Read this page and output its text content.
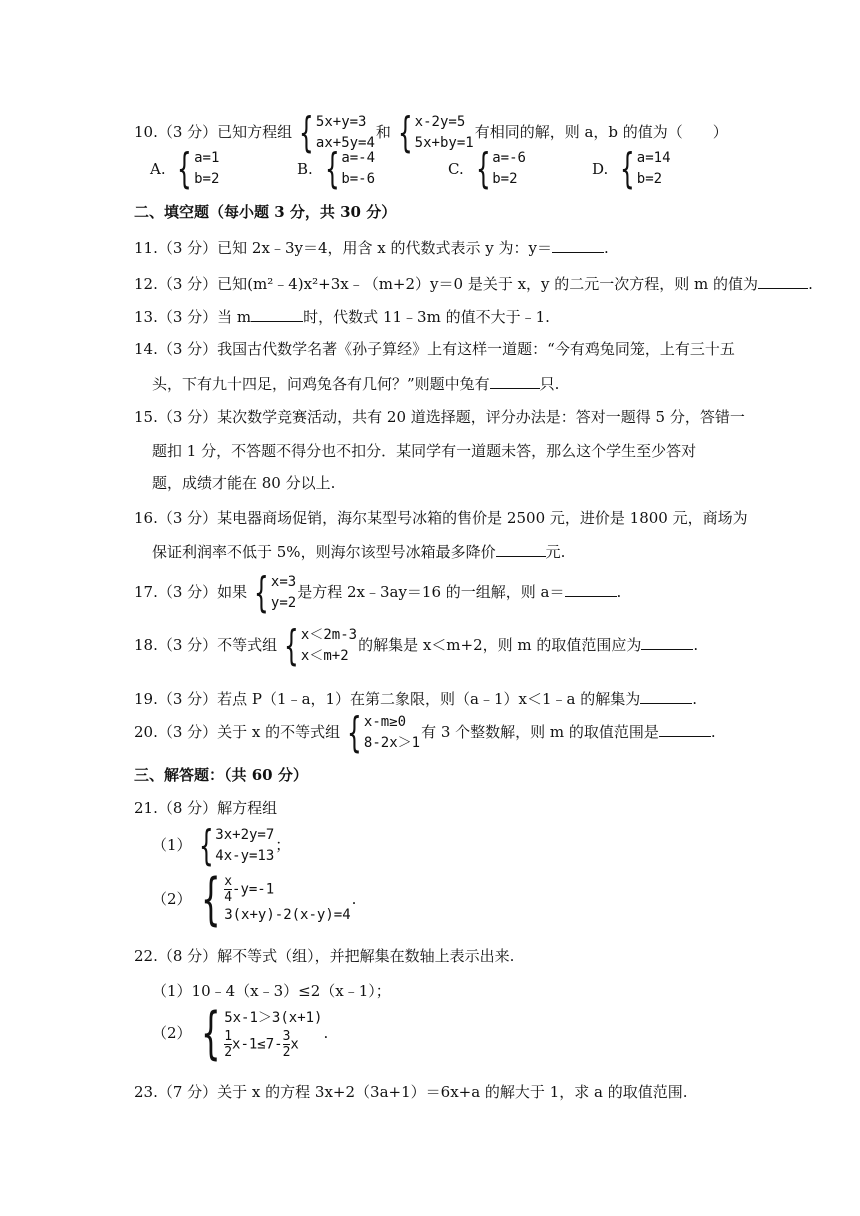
10.（3 分）已知方程组 { 5x+y=3
ax+5y=4
和 { x-2y=5
5x+by=1
有相同的解，则 a，b 的值为（　　）
A.
{ a=1
b=2
B.
{ a=-4
b=-6
C.
{ a=-6
b=2
D.
{ a=14
b=2
二、填空题（每小题 3 分，共 30 分）
11.（3 分）已知 2x﹣3y＝4，用含 x 的代数式表示 y 为：y＝	.
12.（3 分）已知(m²﹣4)x²+3x﹣（m+2）y＝0 是关于 x，y 的二元一次方程，则 m 的值为	.
13.（3 分）当 m	时，代数式 11﹣3m 的值不大于﹣1.
14.（3 分）我国古代数学名著《孙子算经》上有这样一道题：“今有鸡兔同笼，上有三十五
头，下有九十四足，问鸡兔各有几何？”则题中兔有	只.
15.（3 分）某次数学竞赛活动，共有 20 道选择题，评分办法是：答对一题得 5 分，答错一
题扣 1 分，不答题不得分也不扣分．某同学有一道题未答，那么这个学生至少答对
题，成绩才能在 80 分以上.
16.（3 分）某电器商场促销，海尔某型号冰箱的售价是 2500 元，进价是 1800 元，商场为
保证利润率不低于 5%，则海尔该型号冰箱最多降价	元.
17.（3 分）如果 { x=3
y=2
是方程 2x﹣3ay＝16 的一组解，则 a＝	.
18.（3 分）不等式组 { x＜2m-3
x＜m+2
的解集是 x＜m+2，则 m 的取值范围应为	.
19.（3 分）若点 P（1﹣a，1）在第二象限，则（a﹣1）x＜1﹣a 的解集为	.
20.（3 分）关于 x 的不等式组 { x-m≥0
8-2x＞1
有 3 个整数解，则 m 的取值范围是	.
三、解答题：（共 60 分）
21.（8 分）解方程组
（1） { 3x+2y=7
4x-y=13
；
（2） { $\frac{x}{4} -y=-1$
3(x+y)-2(x-y)=4
.
22.（8 分）解不等式（组），并把解集在数轴上表示出来.
（1）10﹣4（x﹣3）≤2（x﹣1）；
（2） { 5x-1＞3(x+1)
$\frac{1}{2} x-1\le 7- \frac{3}{2}$ x
.
23.（7 分）关于 x 的方程 3x+2（3a+1）＝6x+a 的解大于 1，求 a 的取值范围.
